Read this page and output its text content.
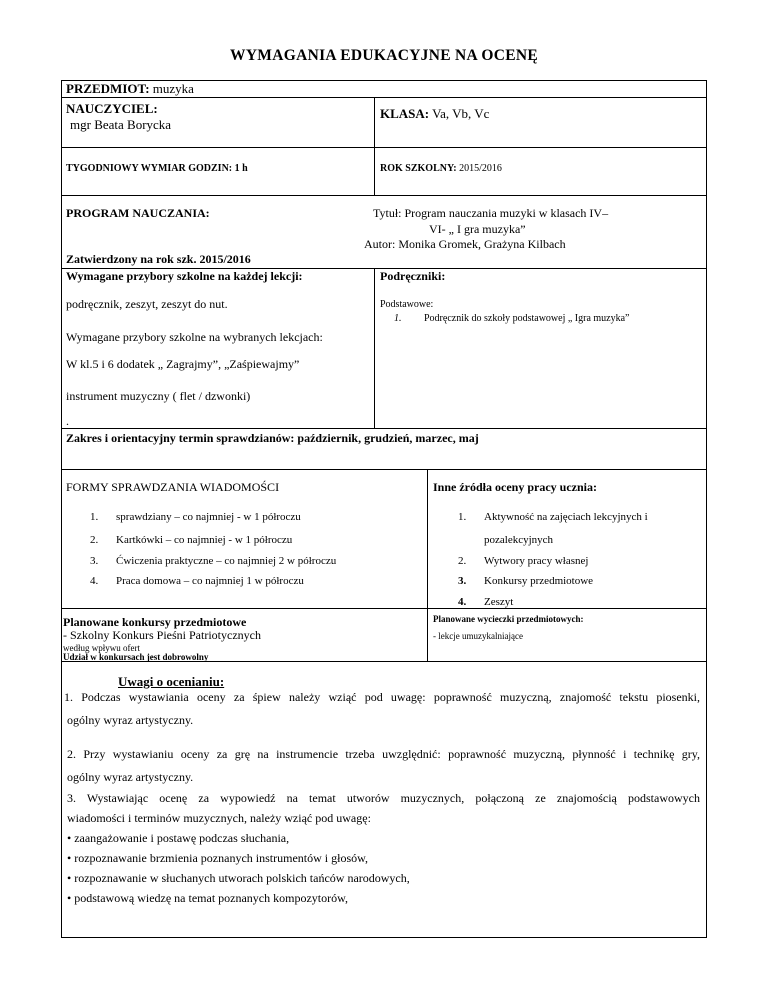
WYMAGANIA EDUKACYJNE NA OCENĘ
PRZEDMIOT: muzyka
NAUCZYCIEL:
mgr Beata Borycka
KLASA: Va, Vb, Vc
TYGODNIOWY WYMIAR GODZIN: 1 h	ROK SZKOLNY: 2015/2016
PROGRAM NAUCZANIA:	Tytuł: Program nauczania muzyki w klasach IV–
VI- „ I gra muzyka”
Autor: Monika Gromek, Grażyna Kilbach
Zatwierdzony na rok szk. 2015/2016
Wymagane przybory szkolne na każdej lekcji:
podręcznik, zeszyt, zeszyt do nut.
Wymagane przybory szkolne na wybranych lekcjach:
W kl.5 i 6 dodatek „ Zagrajmy”, „Zaśpiewajmy”
instrument muzyczny ( flet / dzwonki)
.
Podręczniki:
Podstawowe:
1. Podręcznik do szkoły podstawowej „ Igra muzyka”
Zakres i orientacyjny termin sprawdzianów: październik, grudzień, marzec, maj
FORMY SPRAWDZANIA WIADOMOŚCI
1. sprawdziany – co najmniej - w 1 półroczu
2. Kartkówki – co najmniej - w 1 półroczu
3. Ćwiczenia praktyczne – co najmniej 2 w półroczu
4. Praca domowa – co najmniej 1 w półroczu
Inne źródła oceny pracy ucznia:
1. Aktywność na zajęciach lekcyjnych i
pozalekcyjnych
2. Wytwory pracy własnej
3. Konkursy przedmiotowe
4. Zeszyt
Planowane konkursy przedmiotowe
- Szkolny Konkurs Pieśni Patriotycznych
według wpływu ofert
Udział w konkursach jest dobrowolny
Planowane wycieczki przedmiotowych:
- lekcje umuzykalniające
Uwagi o ocenianiu:
1. Podczas wystawiania oceny za śpiew należy wziąć pod uwagę: poprawność muzyczną, znajomość tekstu piosenki,
ogólny wyraz artystyczny.
2. Przy wystawianiu oceny za grę na instrumencie trzeba uwzględnić: poprawność muzyczną, płynność i technikę gry,
ogólny wyraz artystyczny.
3. Wystawiając ocenę za wypowiedź na temat utworów muzycznych, połączoną ze znajomością podstawowych
wiadomości i terminów muzycznych, należy wziąć pod uwagę:
• zaangażowanie i postawę podczas słuchania,
• rozpoznawanie brzmienia poznanych instrumentów i głosów,
• rozpoznawanie w słuchanych utworach polskich tańców narodowych,
• podstawową wiedzę na temat poznanych kompozytorów,
